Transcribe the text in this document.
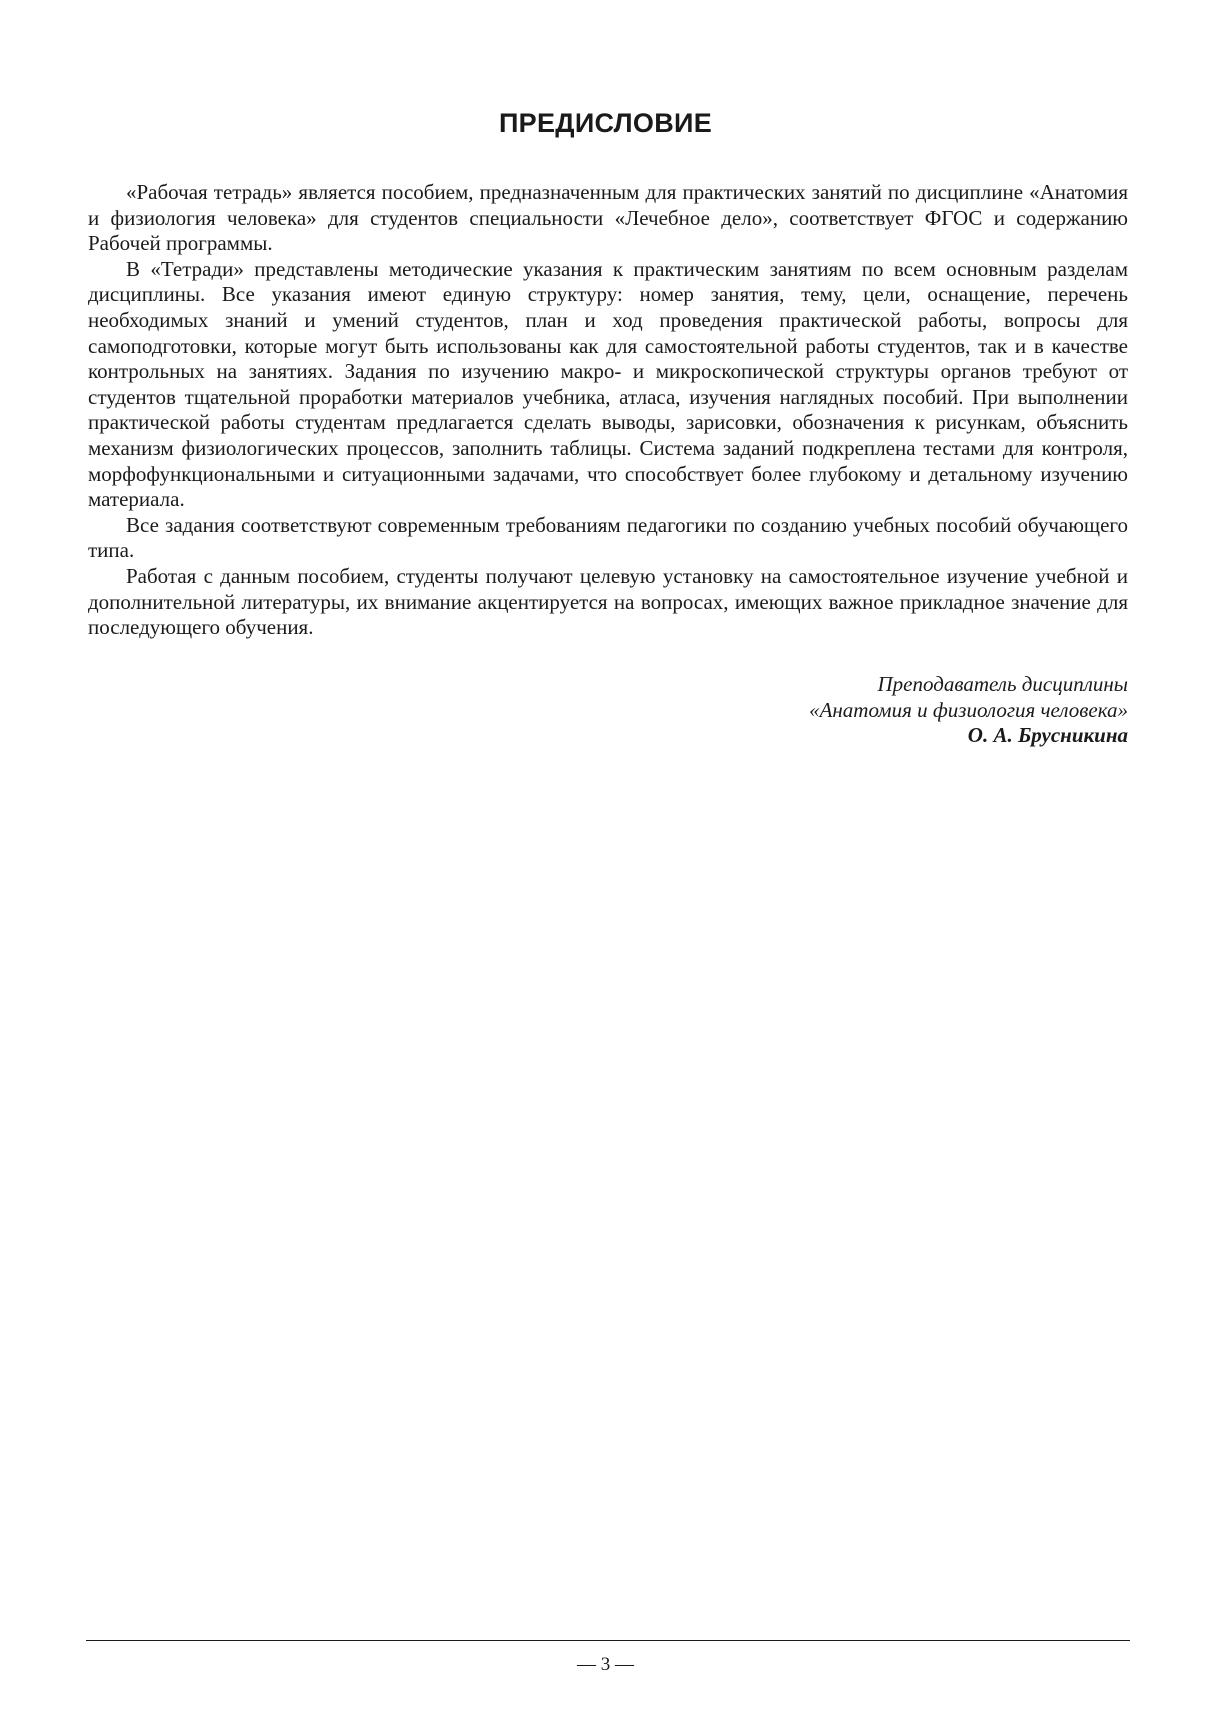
ПРЕДИСЛОВИЕ

«Рабочая тетрадь» является пособием, предназначенным для практических занятий по дисциплине «Анатомия и физиология человека» для студентов специальности «Лечебное дело», соответствует ФГОС и содержанию Рабочей программы.

В «Тетради» представлены методические указания к практическим занятиям по всем основным разделам дисциплины. Все указания имеют единую структуру: номер занятия, тему, цели, оснащение, перечень необходимых знаний и умений студентов, план и ход проведения практической работы, вопросы для самоподготовки, которые могут быть использованы как для самостоятельной работы студентов, так и в качестве контрольных на занятиях. Задания по изучению макро- и микроскопической структуры органов требуют от студентов тщательной проработки материалов учебника, атласа, изучения наглядных пособий. При выполнении практической работы студентам предлагается сделать выводы, зарисовки, обозначения к рисункам, объяснить механизм физиологических процессов, заполнить таблицы. Система заданий подкреплена тестами для контроля, морфофункциональными и ситуационными задачами, что способствует более глубокому и детальному изучению материала.

Все задания соответствуют современным требованиям педагогики по созданию учебных пособий обучающего типа.

Работая с данным пособием, студенты получают целевую установку на самостоятельное изучение учебной и дополнительной литературы, их внимание акцентируется на вопросах, имеющих важное прикладное значение для последующего обучения.

Преподаватель дисциплины
«Анатомия и физиология человека»
О. А. Брусникина
— 3 —
